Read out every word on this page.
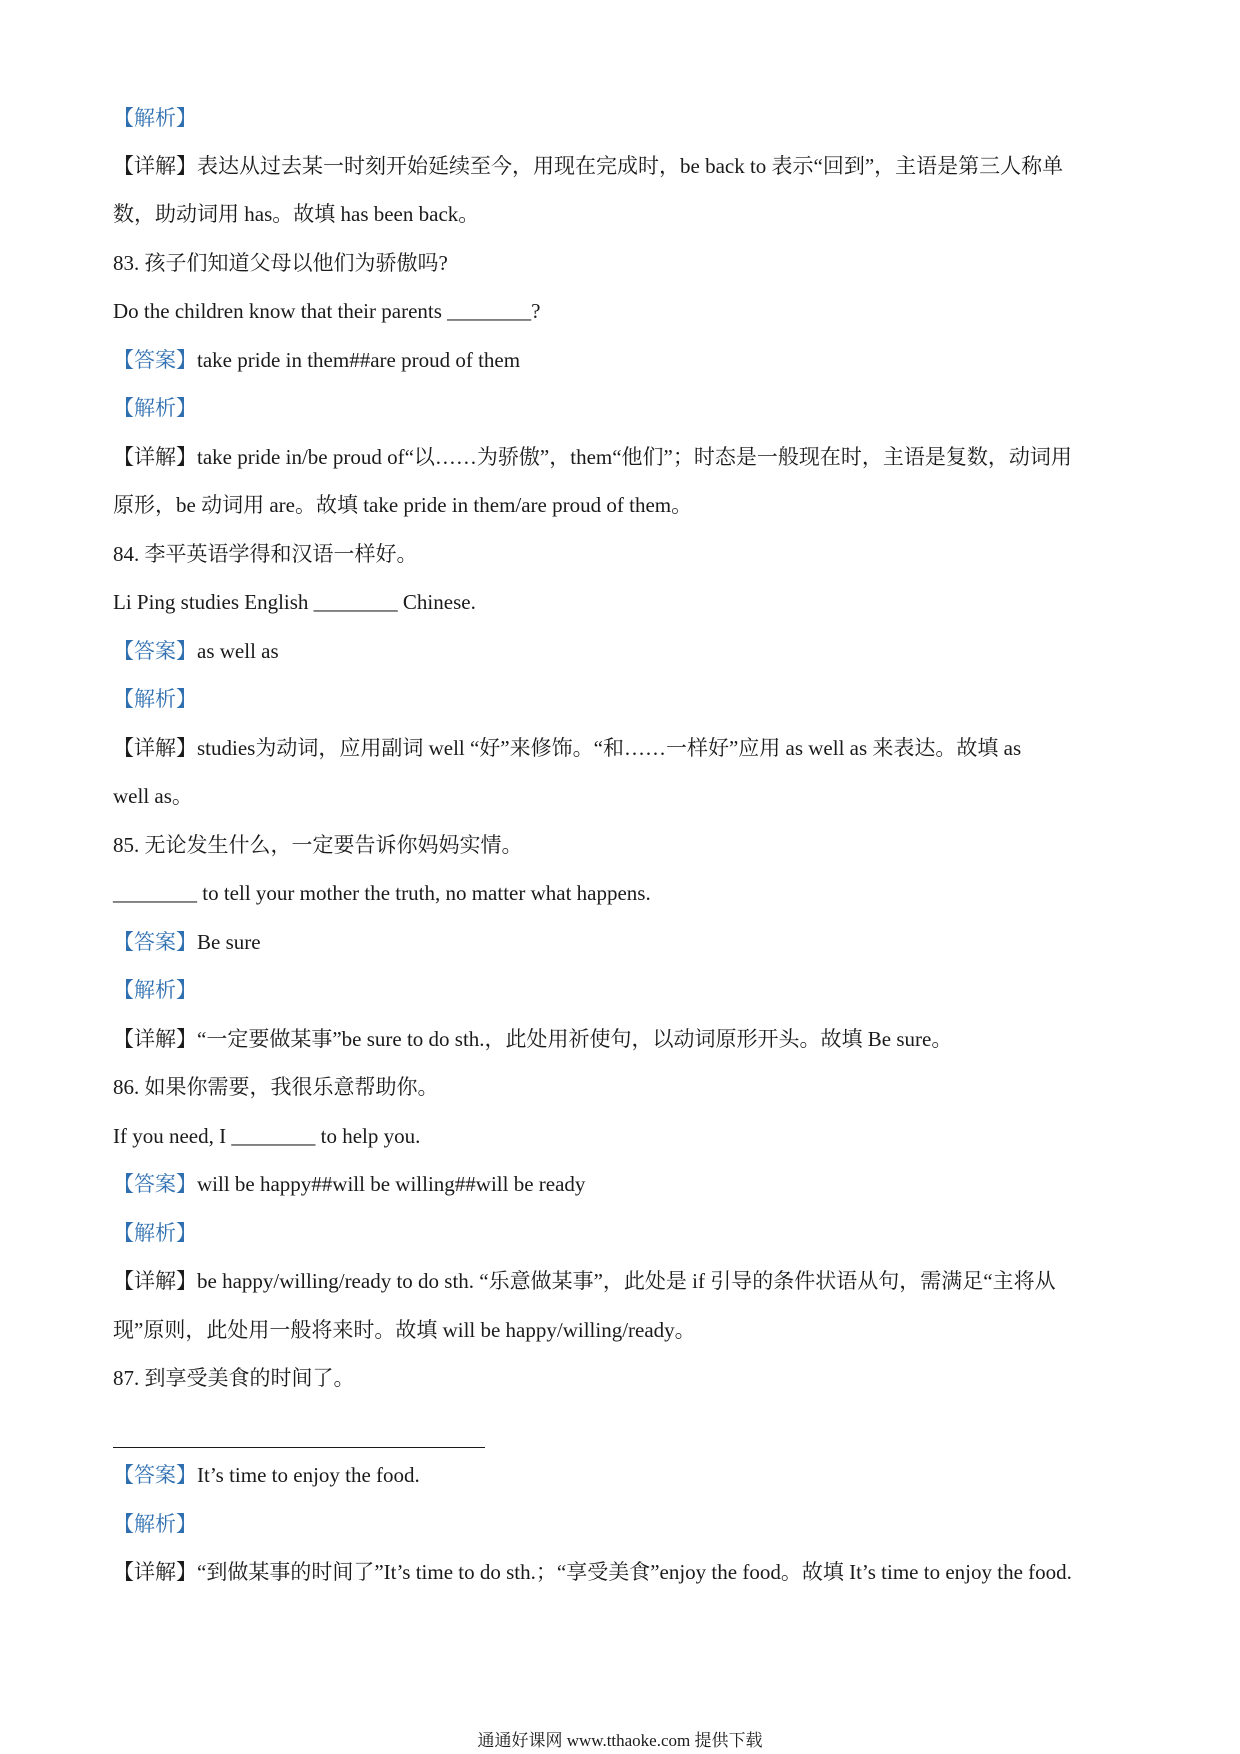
【解析】
【详解】表达从过去某一时刻开始延续至今，用现在完成时，be back to 表示“回到”，主语是第三人称单
数，助动词用 has。故填 has been back。
83. 孩子们知道父母以他们为骄傲吗?
Do the children know that their parents ________?
【答案】take pride in them##are proud of them
【解析】
【详解】take pride in/be proud of“以……为骄傲”，them“他们”；时态是一般现在时，主语是复数，动词用
原形，be 动词用 are。故填 take pride in them/are proud of them。
84. 李平英语学得和汉语一样好。
Li Ping studies English ________ Chinese.
【答案】as well as
【解析】
【详解】studies为动词，应用副词 well “好”来修饰。“和……一样好”应用 as well as 来表达。故填 as
well as。
85. 无论发生什么，一定要告诉你妈妈实情。
________ to tell your mother the truth, no matter what happens.
【答案】Be sure
【解析】
【详解】“一定要做某事”be sure to do sth.，此处用祈使句，以动词原形开头。故填 Be sure。
86. 如果你需要，我很乐意帮助你。
If you need, I ________ to help you.
【答案】will be happy##will be willing##will be ready
【解析】
【详解】be happy/willing/ready to do sth. “乐意做某事”，此处是 if 引导的条件状语从句，需满足“主将从
现”原则，此处用一般将来时。故填 will be happy/willing/ready。
87. 到享受美食的时间了。
【答案】It’s time to enjoy the food.
【解析】
【详解】“到做某事的时间了”It’s time to do sth.；“享受美食”enjoy the food。故填 It’s time to enjoy the food.
通通好课网 www.tthaoke.com 提供下载
